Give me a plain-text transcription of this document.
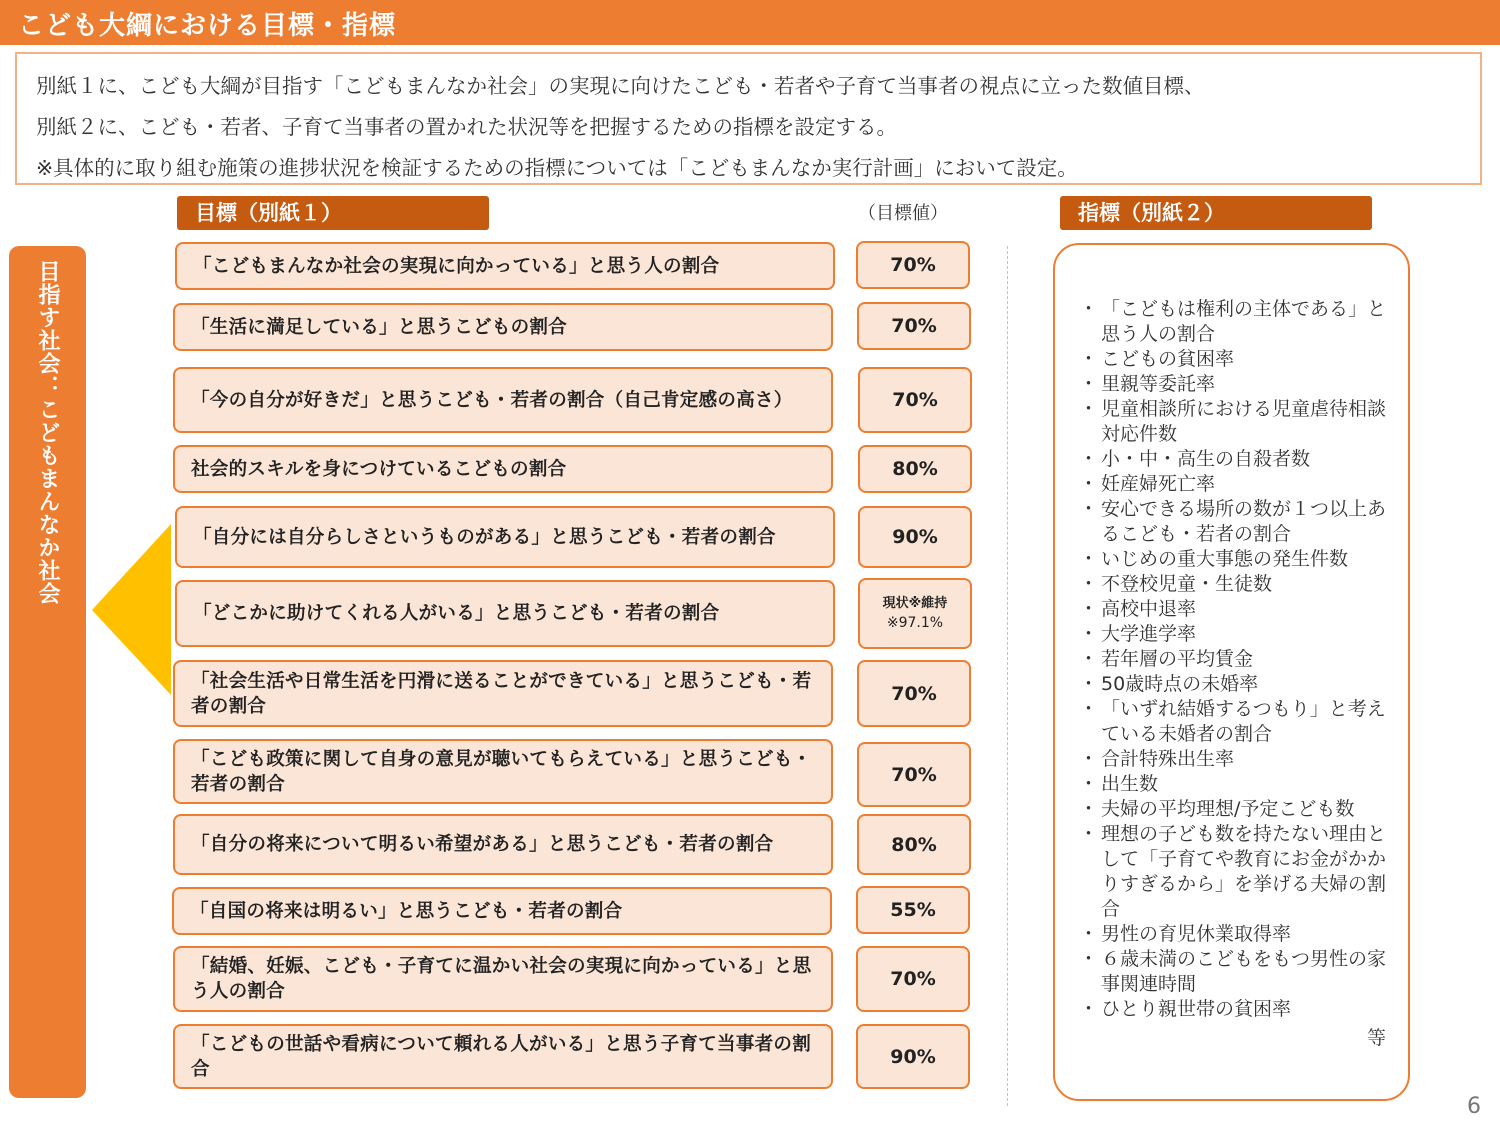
こども大綱における目標・指標

別紙１に、こども大綱が目指す「こどもまんなか社会」の実現に向けたこども・若者や子育て当事者の視点に立った数値目標、

別紙２に、こども・若者、子育て当事者の置かれた状況等を把握するための指標を設定する。

※具体的に取り組む施策の進捗状況を検証するための指標については「こどもまんなか実行計画」において設定。

目標（別紙１）	（目標値）	指標（別紙２）
目指す社会：こどもまんなか社会	「こどもまんなか社会の実現に向かっている」と思う人の割合	70%
「生活に満足している」と思うこどもの割合	70%
「今の自分が好きだ」と思うこども・若者の割合（自己肯定感の高さ）	70%
社会的スキルを身につけているこどもの割合	80%
「自分には自分らしさというものがある」と思うこども・若者の割合	90%
「どこかに助けてくれる人がいる」と思うこども・若者の割合	現状※維持
※97.1%
「社会生活や日常生活を円滑に送ることができている」と思うこども・若者の割合
70%
「こども政策に関して自身の意見が聴いてもらえている」と思うこども・若者の割合	70%
「自分の将来について明るい希望がある」と思うこども・若者の割合	80%
「自国の将来は明るい」と思うこども・若者の割合	55%
「結婚、妊娠、こども・子育てに温かい社会の実現に向かっている」と思う人の割合
70%
「こどもの世話や看病について頼れる人がいる」と思う子育て当事者の割合
90%
・ 「こどもは権利の主体である」と思う人の割合
・ こどもの貧困率
・ 里親等委託率
・ 児童相談所における児童虐待相談対応件数
・ 小・中・高生の自殺者数
・ 妊産婦死亡率
・ 安心できる場所の数が１つ以上あるこども・若者の割合
・ いじめの重大事態の発生件数
・ 不登校児童・生徒数
・ 高校中退率
・ 大学進学率
・ 若年層の平均賃金
・ 50歳時点の未婚率
・ 「いずれ結婚するつもり」と考えている未婚者の割合
・ 合計特殊出生率
・ 出生数
・ 夫婦の平均理想/予定こども数
・ 理想の子ども数を持たない理由として「子育てや教育にお金がかかりすぎるから」を挙げる夫婦の割合
・ 男性の育児休業取得率
・ ６歳未満のこどもをもつ男性の家事関連時間
・ ひとり親世帯の貧困率
等
6
